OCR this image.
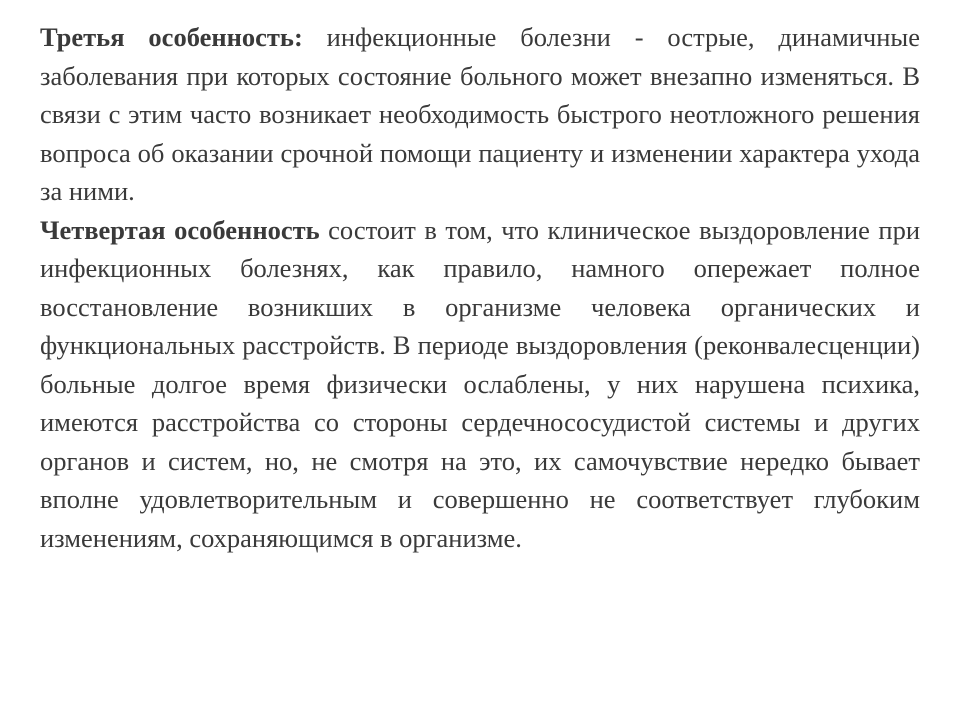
Третья особенность: инфекционные болезни - острые, динамичные заболевания при которых состояние больного может внезапно изменяться. В связи с этим часто возникает необходимость быстрого неотложного решения вопроса об оказании срочной помощи пациенту и изменении характера ухода за ними.

Четвертая особенность состоит в том, что клиническое выздоровление при инфекционных болезнях, как правило, намного опережает полное восстановление возникших в организме человека органических и функциональных расстройств. В периоде выздоровления (реконвалесценции) больные долгое время физически ослаблены, у них нарушена психика, имеются расстройства со стороны сердечнососудистой системы и других органов и систем, но, не смотря на это, их самочувствие нередко бывает вполне удовлетворительным и совершенно не соответствует глубоким изменениям, сохраняющимся в организме.
